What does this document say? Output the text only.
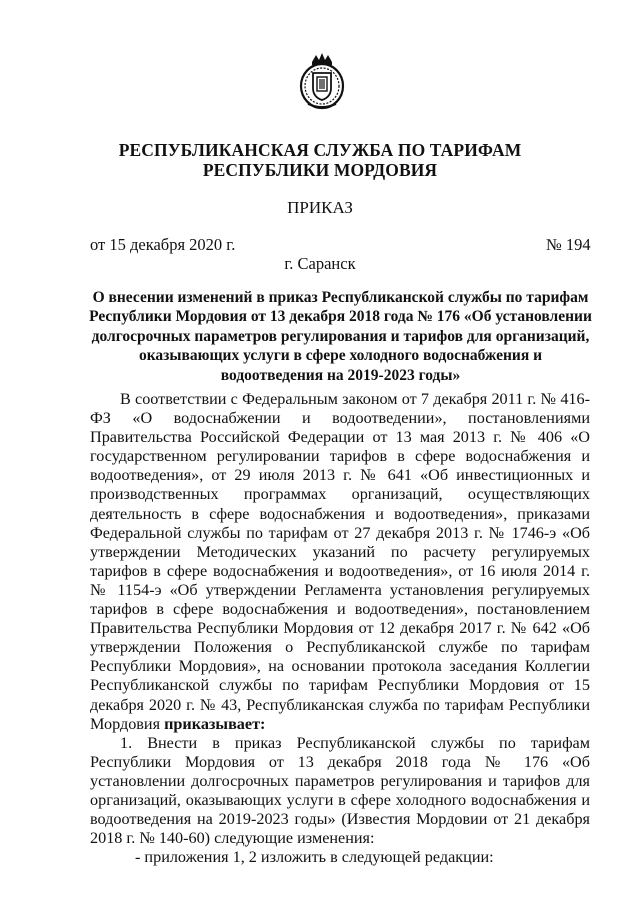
РЕСПУБЛИКАНСКАЯ СЛУЖБА ПО ТАРИФАМ
РЕСПУБЛИКИ МОРДОВИЯ
ПРИКАЗ
от 15 декабря 2020 г.	№ 194
г. Саранск
О внесении изменений в приказ Республиканской службы по тарифам Республики Мордовия от 13 декабря 2018 года № 176 «Об установлении долгосрочных параметров регулирования и тарифов для организаций, оказывающих услуги в сфере холодного водоснабжения и водоотведения на 2019-2023 годы»

В соответствии с Федеральным законом от 7 декабря 2011 г. № 416-ФЗ «О водоснабжении и водоотведении», постановлениями Правительства Российской Федерации от 13 мая 2013 г. № 406 «О государственном регулировании тарифов в сфере водоснабжения и водоотведения», от 29 июля 2013 г. № 641 «Об инвестиционных и производственных программах организаций, осуществляющих деятельность в сфере водоснабжения и водоотведения», приказами Федеральной службы по тарифам от 27 декабря 2013 г. № 1746-э «Об утверждении Методических указаний по расчету регулируемых тарифов в сфере водоснабжения и водоотведения», от 16 июля 2014 г. № 1154-э «Об утверждении Регламента установления регулируемых тарифов в сфере водоснабжения и водоотведения», постановлением Правительства Республики Мордовия от 12 декабря 2017 г. № 642 «Об утверждении Положения о Республиканской службе по тарифам Республики Мордовия», на основании протокола заседания Коллегии Республиканской службы по тарифам Республики Мордовия от 15 декабря 2020 г. № 43, Республиканская служба по тарифам Республики Мордовия приказывает:

1. Внести в приказ Республиканской службы по тарифам Республики Мордовия от 13 декабря 2018 года № 176 «Об установлении долгосрочных параметров регулирования и тарифов для организаций, оказывающих услуги в сфере холодного водоснабжения и водоотведения на 2019-2023 годы» (Известия Мордовии от 21 декабря 2018 г. № 140-60) следующие изменения:

- приложения 1, 2 изложить в следующей редакции:
